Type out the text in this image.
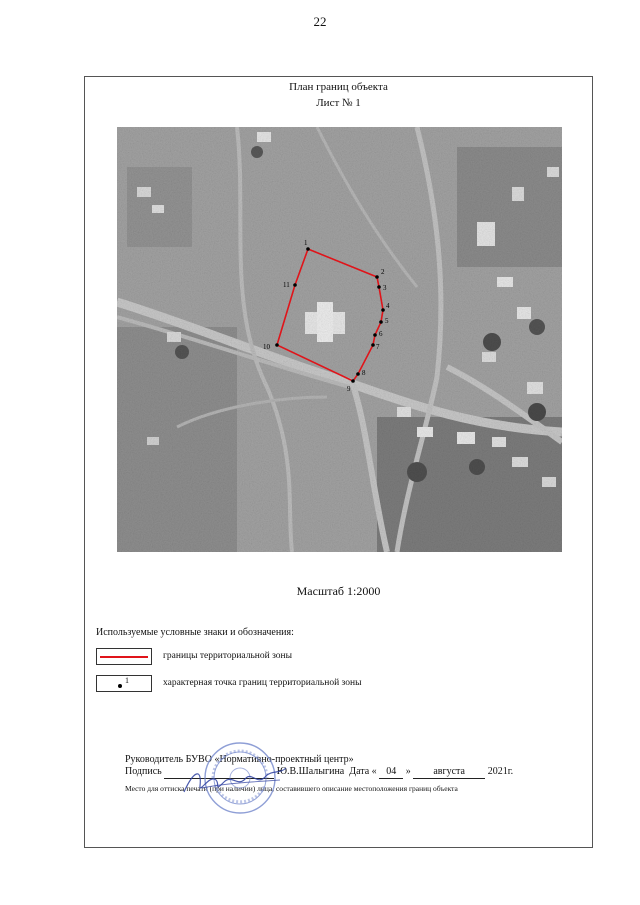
22
План границ объекта
Лист № 1
1
2
3
4
5
6
7
8
9
10
11
Масштаб 1:2000
Используемые условные знаки и обозначения:
границы территориальной зоны
1	характерная точка границ территориальной зоны
Руководитель БУВО «Нормативно-проектный центр»
Подпись	Ю.В.Шалыгина Дата « 04 » августа 2021г.
Место для оттиска печати (при наличии) лица, составившего описание местоположения границ объекта
